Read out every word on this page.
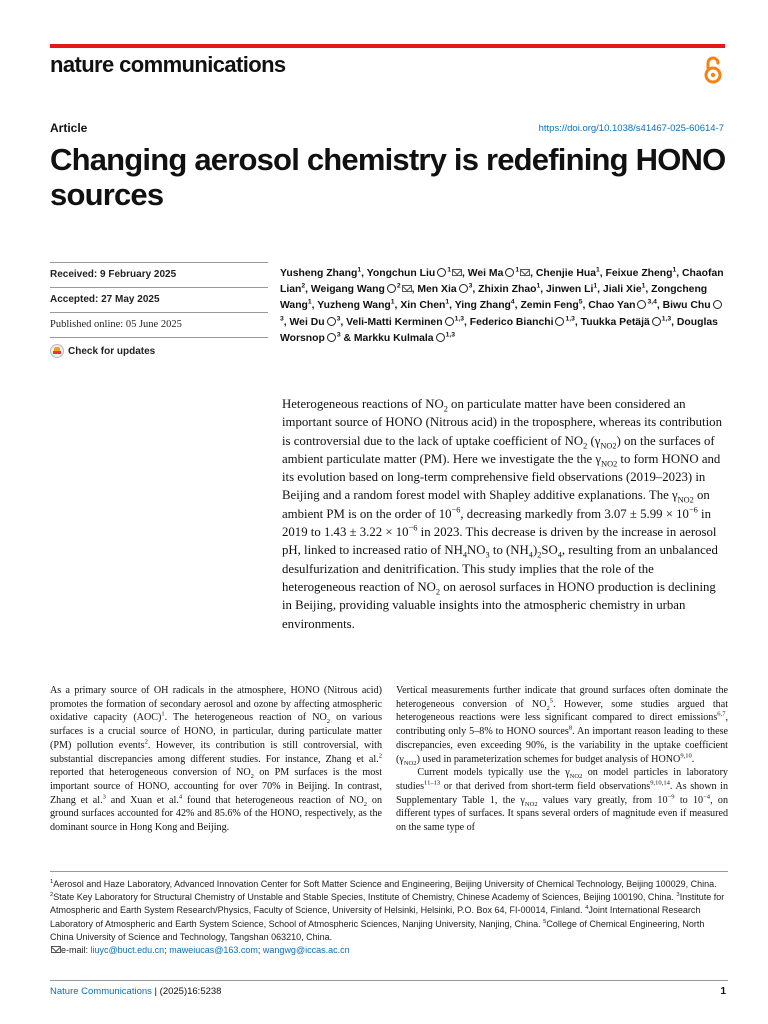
nature communications
Article	https://doi.org/10.1038/s41467-025-60614-7
Changing aerosol chemistry is redefining HONO sources
Received: 9 February 2025
Accepted: 27 May 2025
Published online: 05 June 2025
Check for updates

Yusheng Zhang$^1$, Yongchun Liu $^1$ , Wei Ma $^1$ , Chenjie Hua$^1$, Feixue Zheng$^1$, Chaofan Lian$^2$, Weigang Wang $^2$ , Men Xia $^3$, Zhixin Zhao$^1$, Jinwen Li$^1$, Jiali Xie$^1$, Zongcheng Wang$^1$, Yuzheng Wang$^1$, Xin Chen$^1$, Ying Zhang$^4$, Zemin Feng$^5$, Chao Yan $^{3,4}$, Biwu Chu$^3$, Wei Du $^3$, Veli-Matti Kerminen $^{1,3}$, Federico Bianchi $^{1,3}$, Tuukka Petäjä $^{1,3}$, Douglas Worsnop $^3$ & Markku Kulmala $^{1,3}$

Heterogeneous reactions of $NO_2$ on particulate matter have been considered an important source of HONO (Nitrous acid) in the troposphere, whereas its contribution is controversial due to the lack of uptake coefficient of $NO_2$ $(\gamma_{NO2})$ on the surfaces of ambient particulate matter (PM). Here we investigate the the $\gamma_{NO2}$ to form HONO and its evolution based on long-term comprehensive field observations (2019–2023) in Beijing and a random forest model with Shapley additive explanations. The $\gamma_{NO2}$ on ambient PM is on the order of $10^{-6}$, decreasing markedly from $3.07 \pm 5.99 \times 10^{-6}$ in 2019 to $1.43 \pm 3.22 \times 10^{-6}$ in 2023. This decrease is driven by the increase in aerosol pH, linked to increased ratio of $NH_4NO_3$ to $(NH_4)_2SO_4$, resulting from an unbalanced desulfurization and denitrification. This study implies that the role of the heterogeneous reaction of $NO_2$ on aerosol surfaces in HONO production is declining in Beijing, providing valuable insights into the atmospheric chemistry in urban environments.

As a primary source of OH radicals in the atmosphere, HONO (Nitrous acid) promotes the formation of secondary aerosol and ozone by affecting atmospheric oxidative capacity (AOC)$^1$. The heterogeneous reaction of $NO_2$ on various surfaces is a crucial source of HONO, in particular, during particulate matter (PM) pollution events$^2$. However, its contribution is still controversial, with substantial discrepancies among different studies. For instance, Zhang et al.$^2$ reported that heterogeneous conversion of $NO_2$ on PM surfaces is the most important source of HONO, accounting for over 70% in Beijing. In contrast, Zhang et al.$^3$ and Xuan et al.$^4$ found that heterogeneous reaction of $NO_2$ on ground surfaces accounted for 42% and 85.6% of the HONO, respectively, as the dominant source in Hong Kong and Beijing.

Vertical measurements further indicate that ground surfaces often dominate the heterogeneous conversion of $NO_2^5$. However, some studies argued that heterogeneous reactions were less significant compared to direct emissions$^{6,7}$, contributing only 5–8% to HONO sources$^8$. An important reason leading to these discrepancies, even exceeding 90%, is the variability in the uptake coefficient $(\gamma_{NO2})$ used in parameterization schemes for budget analysis of HONO$^{9,10}$.
Current models typically use the $\gamma_{NO2}$ on model particles in laboratory studies$^{11-13}$ or that derived from short-term field observations$^{9,10,14}$. As shown in Supplementary Table 1, the $\gamma_{NO2}$ values vary greatly, from $10^{-9}$ to $10^{-4}$, on different types of surfaces. It spans several orders of magnitude even if measured on the same type of

$^1$Aerosol and Haze Laboratory, Advanced Innovation Center for Soft Matter Science and Engineering, Beijing University of Chemical Technology, Beijing 100029, China. $^2$State Key Laboratory for Structural Chemistry of Unstable and Stable Species, Institute of Chemistry, Chinese Academy of Sciences, Beijing 100190, China. $^3$Institute for Atmospheric and Earth System Research/Physics, Faculty of Science, University of Helsinki, Helsinki, P.O. Box 64, FI-00014, Finland. $^4$Joint International Research Laboratory of Atmospheric and Earth System Science, School of Atmospheric Sciences, Nanjing University, Nanjing, China. $^5$College of Chemical Engineering, North China University of Science and Technology, Tangshan 063210, China.
e-mail: liuyc@buct.edu.cn; maweiucas@163.com; wangwg@iccas.ac.cn
Nature Communications | (2025)16:5238	1
